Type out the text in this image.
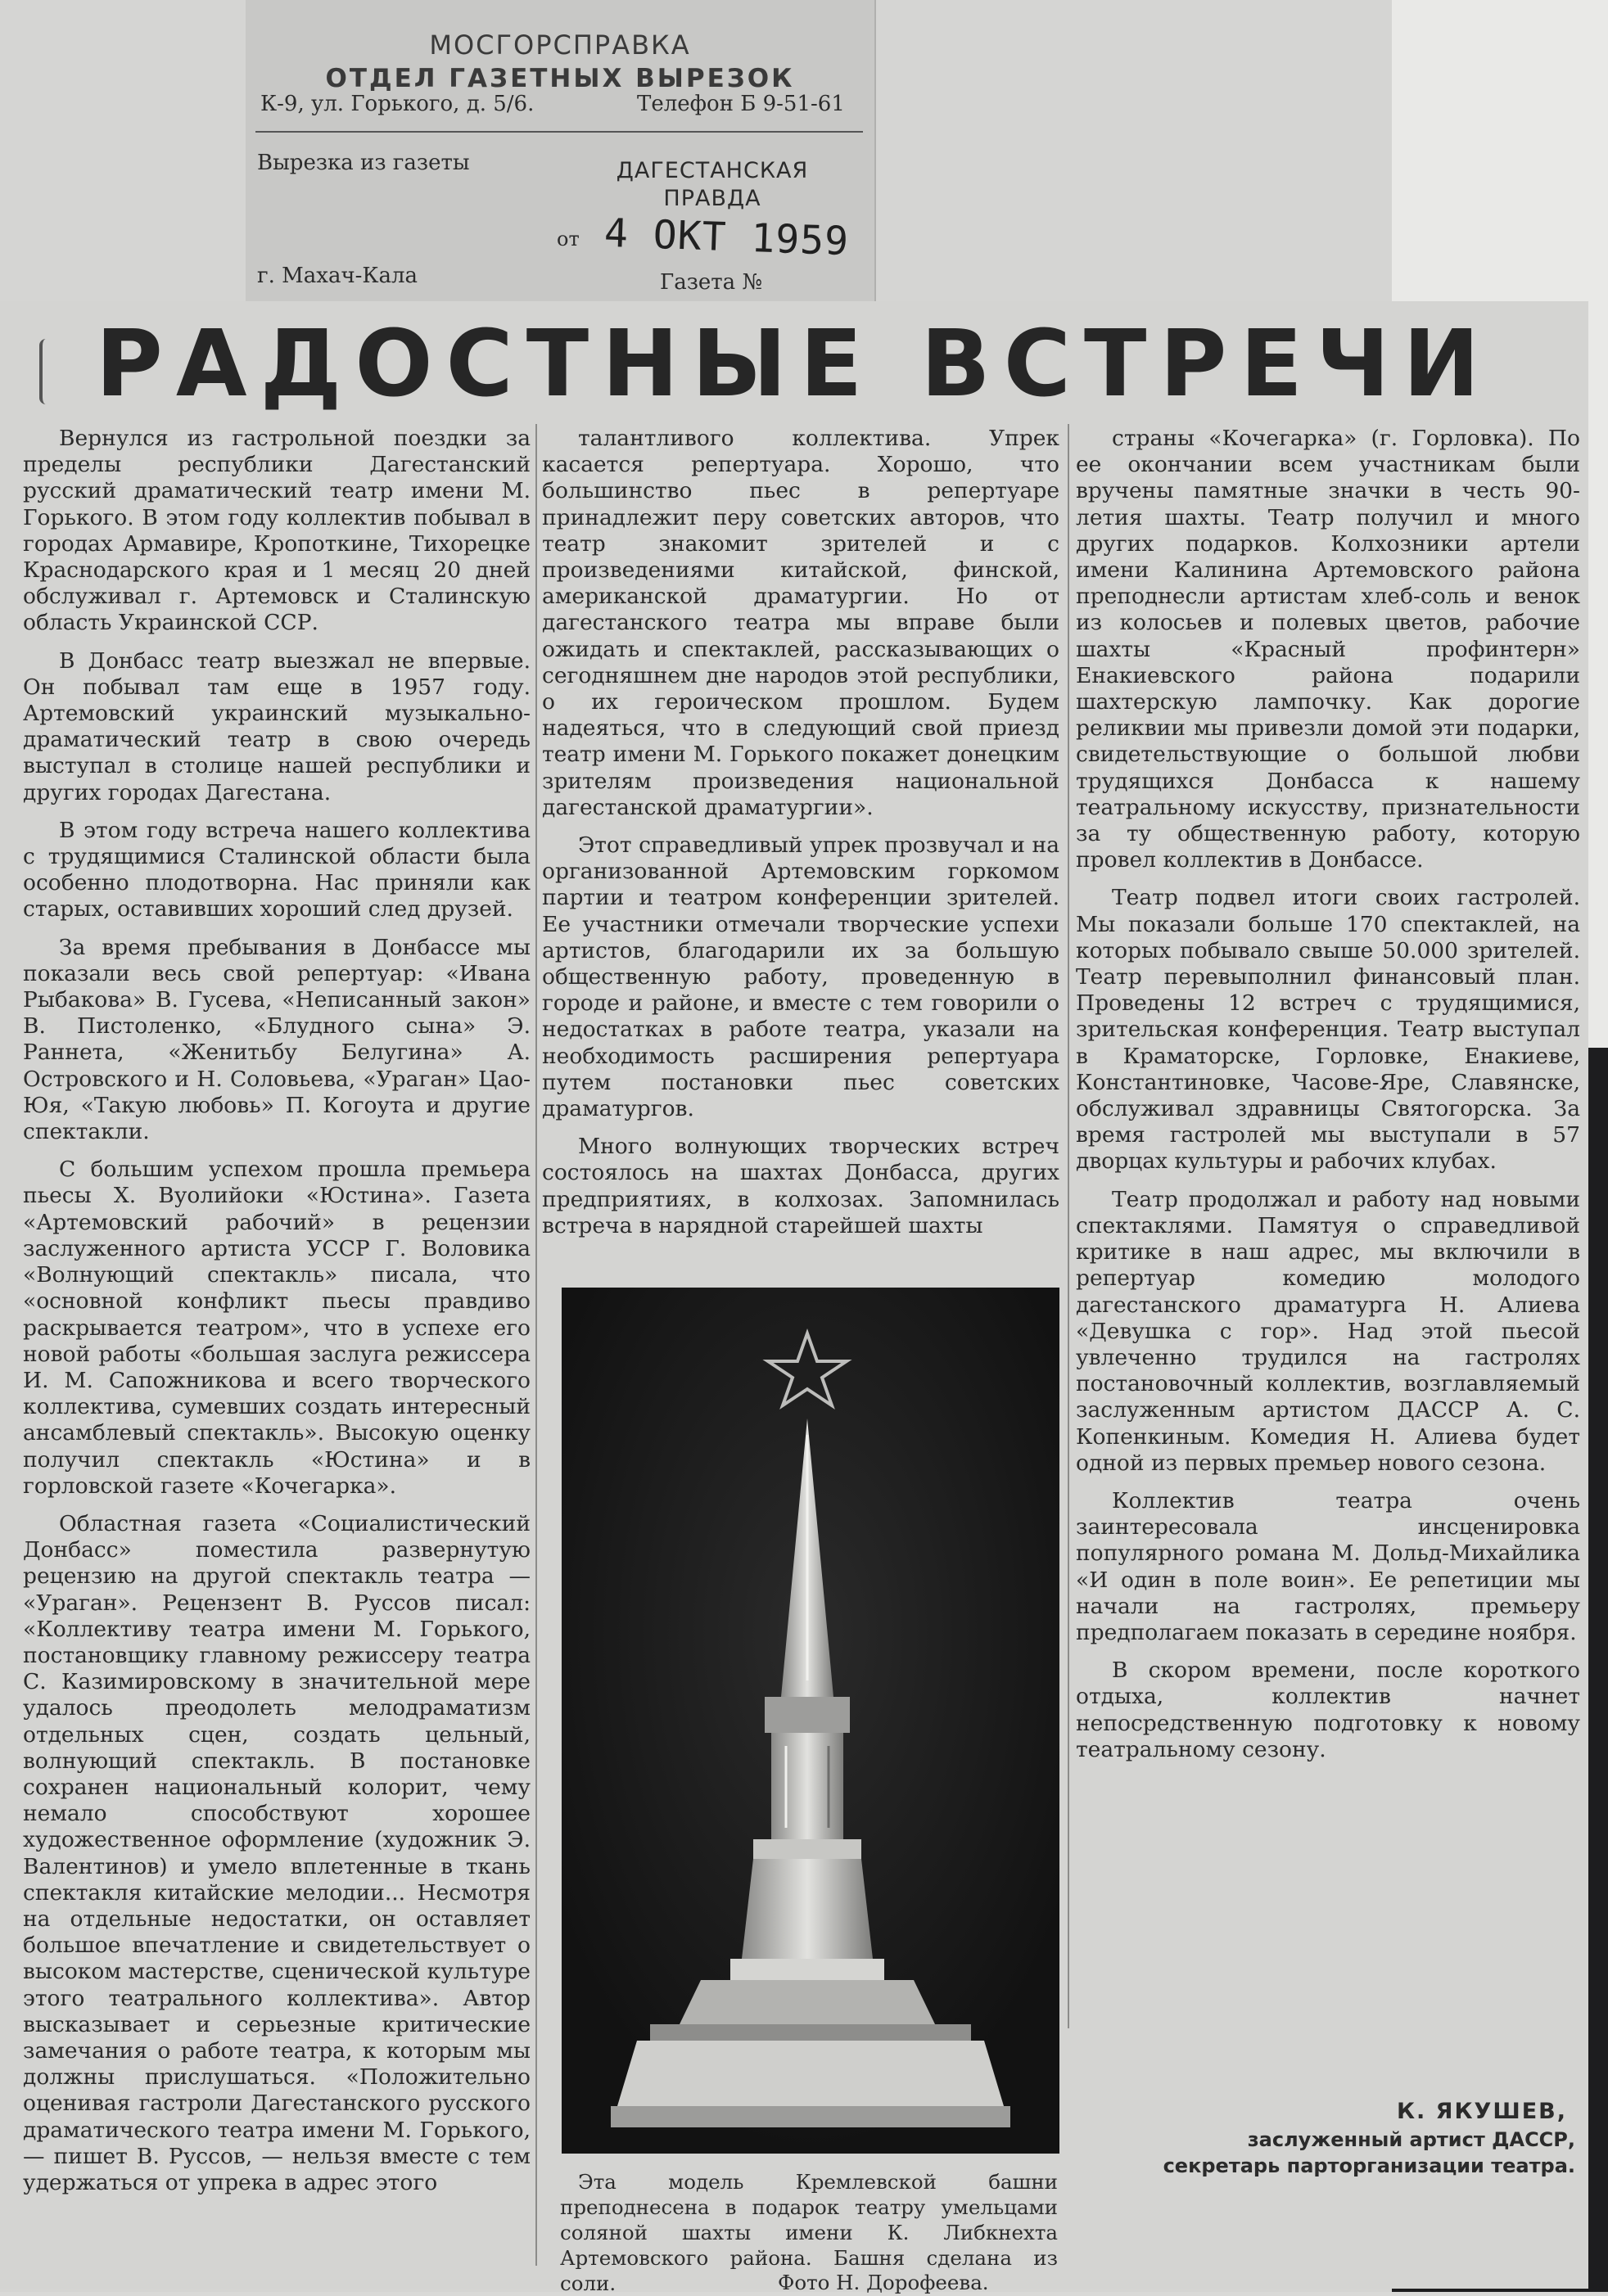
МОСГОРСПРАВКА
ОТДЕЛ ГАЗЕТНЫХ ВЫРЕЗОК
К-9, ул. Горького, д. 5/6.	Телефон Б 9-51-61
Вырезка из газеты	ДАГЕСТАНСКАЯ ПРАВДА
от 4 ОКТ 1959
г. Махач-Кала	Газета №
РАДОСТНЫЕ ВСТРЕЧИ

Вернулся из гастрольной поездки за пределы республики Дагестанский русский драматический театр имени М. Горького. В этом году коллектив побывал в городах Армавире, Кропоткине, Тихорецке Краснодарского края и 1 месяц 20 дней обслуживал г. Артемовск и Сталинскую область Украинской ССР.

В Донбасс театр выезжал не впервые. Он побывал там еще в 1957 году. Артемовский украинский музыкально-драматический театр в свою очередь выступал в столице нашей республики и других городах Дагестана.

В этом году встреча нашего коллектива с трудящимися Сталинской области была особенно плодотворна. Нас приняли как старых, оставивших хороший след друзей.

За время пребывания в Донбассе мы показали весь свой репертуар: «Ивана Рыбакова» В. Гусева, «Неписанный закон» В. Пистоленко, «Блудного сына» Э. Раннета, «Женитьбу Белугина» А. Островского и Н. Соловьева, «Ураган» Цао-Юя, «Такую любовь» П. Когоута и другие спектакли.

С большим успехом прошла премьера пьесы Х. Вуолийоки «Юстина». Газета «Артемовский рабочий» в рецензии заслуженного артиста УССР Г. Воловика «Волнующий спектакль» писала, что «основной конфликт пьесы правдиво раскрывается театром», что в успехе его новой работы «большая заслуга режиссера И. М. Сапожникова и всего творческого коллектива, сумевших создать интересный ансамблевый спектакль». Высокую оценку получил спектакль «Юстина» и в горловской газете «Кочегарка».

Областная газета «Социалистический Донбасс» поместила развернутую рецензию на другой спектакль театра — «Ураган». Рецензент В. Руссов писал: «Коллективу театра имени М. Горького, постановщику главному режиссеру театра С. Казимировскому в значительной мере удалось преодолеть мелодраматизм отдельных сцен, создать цельный, волнующий спектакль. В постановке сохранен национальный колорит, чему немало способствуют хорошее художественное оформление (художник Э. Валентинов) и умело вплетенные в ткань спектакля китайские мелодии... Несмотря на отдельные недостатки, он оставляет большое впечатление и свидетельствует о высоком мастерстве, сценической культуре этого театрального коллектива». Автор высказывает и серьезные критические замечания о работе театра, к которым мы должны прислушаться. «Положительно оценивая гастроли Дагестанского русского драматического театра имени М. Горького, — пишет В. Руссов, — нельзя вместе с тем удержаться от упрека в адрес этого

талантливого коллектива. Упрек касается репертуара. Хорошо, что большинство пьес в репертуаре принадлежит перу советских авторов, что театр знакомит зрителей и с произведениями китайской, финской, американской драматургии. Но от дагестанского театра мы вправе были ожидать и спектаклей, рассказывающих о сегодняшнем дне народов этой республики, о их героическом прошлом. Будем надеяться, что в следующий свой приезд театр имени М. Горького покажет донецким зрителям произведения национальной дагестанской драматургии».

Этот справедливый упрек прозвучал и на организованной Артемовским горкомом партии и театром конференции зрителей. Ее участники отмечали творческие успехи артистов, благодарили их за большую общественную работу, проведенную в городе и районе, и вместе с тем говорили о недостатках в работе театра, указали на необходимость расширения репертуара путем постановки пьес советских драматургов.

Много волнующих творческих встреч состоялось на шахтах Донбасса, других предприятиях, в колхозах. Запомнилась встреча в нарядной старейшей шахты

Эта модель Кремлевской башни преподнесена в подарок театру умельцами соляной шахты имени К. Либкнехта Артемовского района. Башня сделана из соли.	Фото Н. Дорофеева.

страны «Кочегарка» (г. Горловка). По ее окончании всем участникам были вручены памятные значки в честь 90-летия шахты. Театр получил и много других подарков. Колхозники артели имени Калинина Артемовского района преподнесли артистам хлеб-соль и венок из колосьев и полевых цветов, рабочие шахты «Красный профинтерн» Енакиевского района подарили шахтерскую лампочку. Как дорогие реликвии мы привезли домой эти подарки, свидетельствующие о большой любви трудящихся Донбасса к нашему театральному искусству, признательности за ту общественную работу, которую провел коллектив в Донбассе.

Театр подвел итоги своих гастролей. Мы показали больше 170 спектаклей, на которых побывало свыше 50.000 зрителей. Театр перевыполнил финансовый план. Проведены 12 встреч с трудящимися, зрительская конференция. Театр выступал в Краматорске, Горловке, Енакиеве, Константиновке, Часове-Яре, Славянске, обслуживал здравницы Святогорска. За время гастролей мы выступали в 57 дворцах культуры и рабочих клубах.

Театр продолжал и работу над новыми спектаклями. Памятуя о справедливой критике в наш адрес, мы включили в репертуар комедию молодого дагестанского драматурга Н. Алиева «Девушка с гор». Над этой пьесой увлеченно трудился на гастролях постановочный коллектив, возглавляемый заслуженным артистом ДАССР А. С. Копенкиным. Комедия Н. Алиева будет одной из первых премьер нового сезона.

Коллектив театра очень заинтересовала инсценировка популярного романа М. Дольд-Михайлика «И один в поле воин». Ее репетиции мы начали на гастролях, премьеру предполагаем показать в середине ноября.

В скором времени, после короткого отдыха, коллектив начнет непосредственную подготовку к новому театральному сезону.

К. ЯКУШЕВ,
заслуженный артист ДАССР,
секретарь парторганизации театра.
